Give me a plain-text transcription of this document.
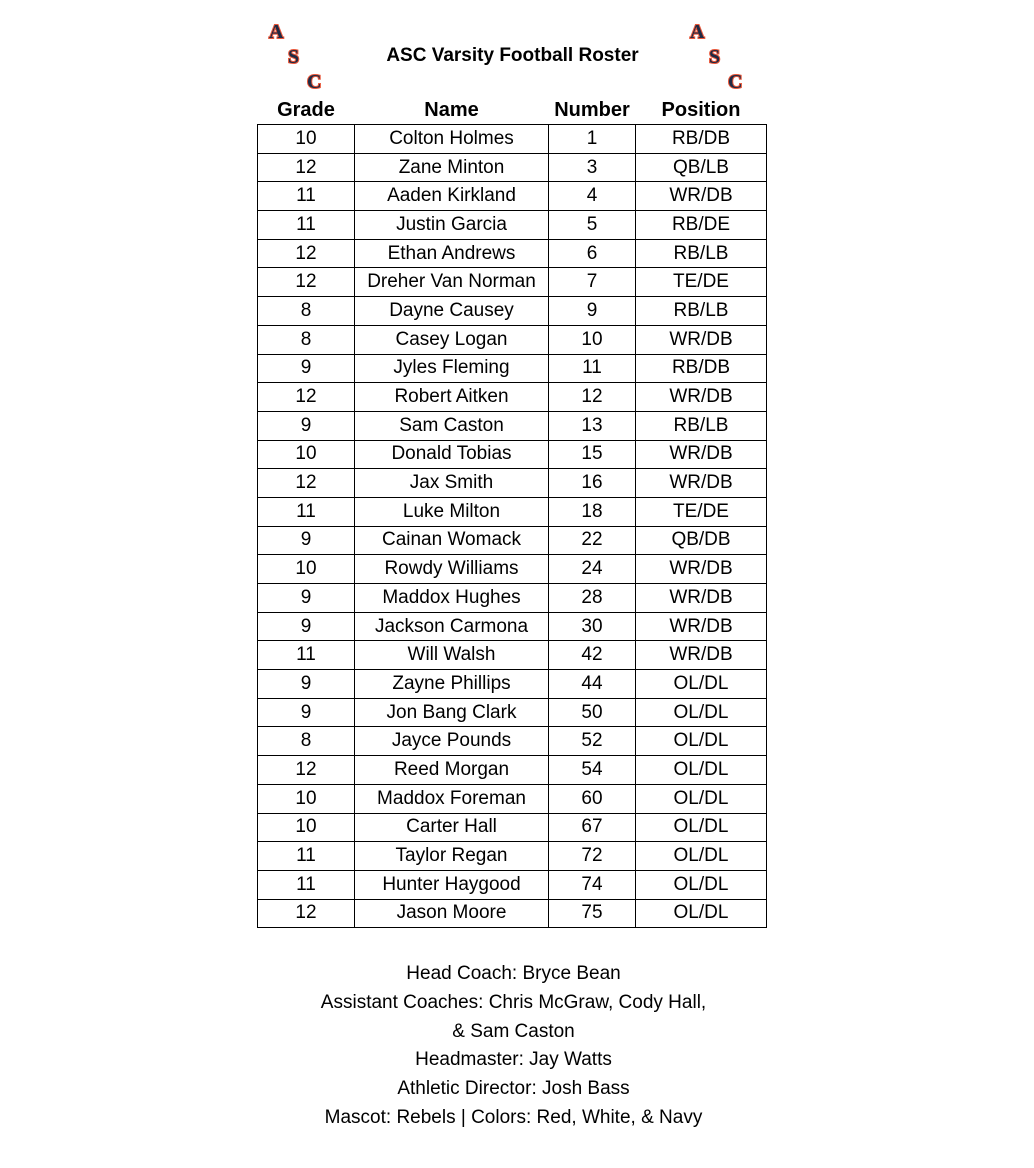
A
S
C
A
S
C
ASC Varsity Football Roster
Grade	Name	Number	Position
10	Colton Holmes	1	RB/DB
12	Zane Minton	3	QB/LB
11	Aaden Kirkland	4	WR/DB
11	Justin Garcia	5	RB/DE
12	Ethan Andrews	6	RB/LB
12	Dreher Van Norman	7	TE/DE
8	Dayne Causey	9	RB/LB
8	Casey Logan	10	WR/DB
9	Jyles Fleming	11	RB/DB
12	Robert Aitken	12	WR/DB
9	Sam Caston	13	RB/LB
10	Donald Tobias	15	WR/DB
12	Jax Smith	16	WR/DB
11	Luke Milton	18	TE/DE
9	Cainan Womack	22	QB/DB
10	Rowdy Williams	24	WR/DB
9	Maddox Hughes	28	WR/DB
9	Jackson Carmona	30	WR/DB
11	Will Walsh	42	WR/DB
9	Zayne Phillips	44	OL/DL
9	Jon Bang Clark	50	OL/DL
8	Jayce Pounds	52	OL/DL
12	Reed Morgan	54	OL/DL
10	Maddox Foreman	60	OL/DL
10	Carter Hall	67	OL/DL
11	Taylor Regan	72	OL/DL
11	Hunter Haygood	74	OL/DL
12	Jason Moore	75	OL/DL
Head Coach: Bryce Bean
Assistant Coaches: Chris McGraw, Cody Hall,
& Sam Caston
Headmaster: Jay Watts
Athletic Director: Josh Bass
Mascot: Rebels | Colors: Red, White, & Navy
